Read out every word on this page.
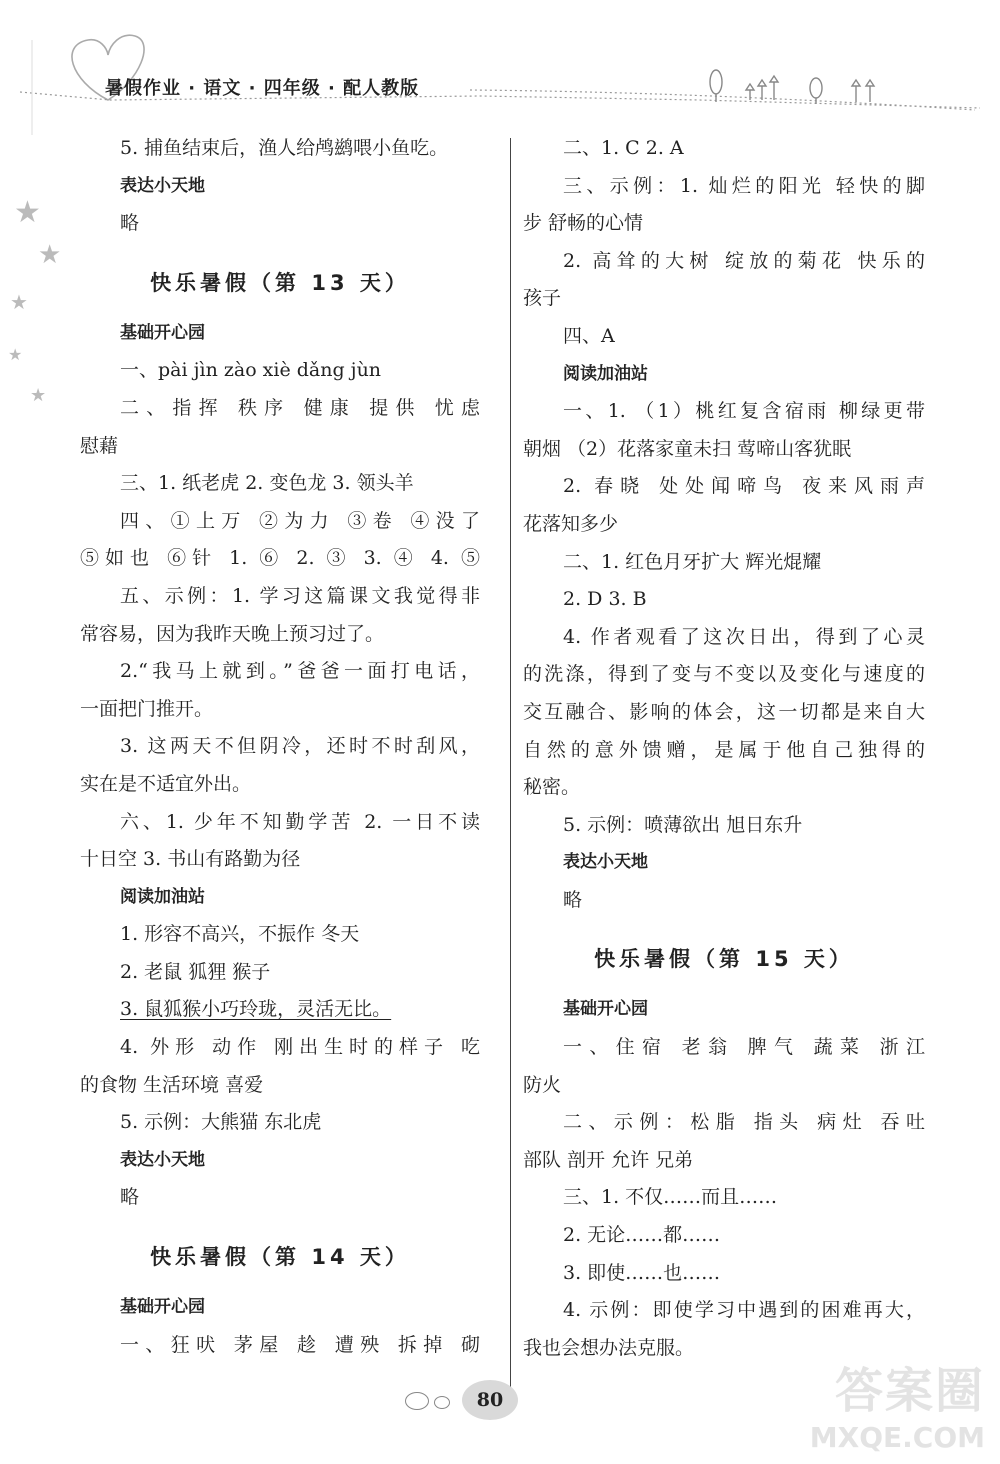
暑假作业 · 语文 · 四年级 · 配人教版
★
★
★
★
★
5. 捕鱼结束后，渔人给鸬鹚喂小鱼吃。
表达小天地
略
快乐暑假（第 13 天）
基础开心园
一、pài jìn zào xiè dǎng jùn
二、指挥 秩序 健康 提供 忧虑
慰藉
三、1. 纸老虎 2. 变色龙 3. 领头羊
四、①上万 ②为力 ③卷 ④没了
⑤如也 ⑥针 1. ⑥ 2. ③ 3. ④ 4. ⑤
五、示例：1. 学习这篇课文我觉得非
常容易，因为我昨天晚上预习过了。
2.“我马上就到。”爸爸一面打电话，
一面把门推开。
3. 这两天不但阴冷，还时不时刮风，
实在是不适宜外出。
六、1. 少年不知勤学苦 2. 一日不读
十日空 3. 书山有路勤为径
阅读加油站
1. 形容不高兴，不振作 冬天
2. 老鼠 狐狸 猴子
3. 鼠狐猴小巧玲珑，灵活无比。
4. 外形 动作 刚出生时的样子 吃
的食物 生活环境 喜爱
5. 示例：大熊猫 东北虎
表达小天地
略
快乐暑假（第 14 天）
基础开心园
一、狂吠 茅屋 趁 遭殃 拆掉 砌
二、1. C 2. A
三、示例：1. 灿烂的阳光 轻快的脚
步 舒畅的心情
2. 高耸的大树 绽放的菊花 快乐的
孩子
四、A
阅读加油站
一、1. （1）桃红复含宿雨 柳绿更带
朝烟 （2）花落家童未扫 莺啼山客犹眠
2. 春晓 处处闻啼鸟 夜来风雨声
花落知多少
二、1. 红色月牙扩大 辉光焜耀
2. D 3. B
4. 作者观看了这次日出，得到了心灵
的洗涤，得到了变与不变以及变化与速度的
交互融合、影响的体会，这一切都是来自大
自然的意外馈赠，是属于他自己独得的
秘密。
5. 示例：喷薄欲出 旭日东升
表达小天地
略
快乐暑假（第 15 天）
基础开心园
一、住宿 老翁 脾气 蔬菜 浙江
防火
二、示例：松脂 指头 病灶 吞吐
部队 剖开 允许 兄弟
三、1. 不仅……而且……
2. 无论……都……
3. 即使……也……
4. 示例：即使学习中遇到的困难再大，
我也会想办法克服。
80	答案圈
MXQE.COM
